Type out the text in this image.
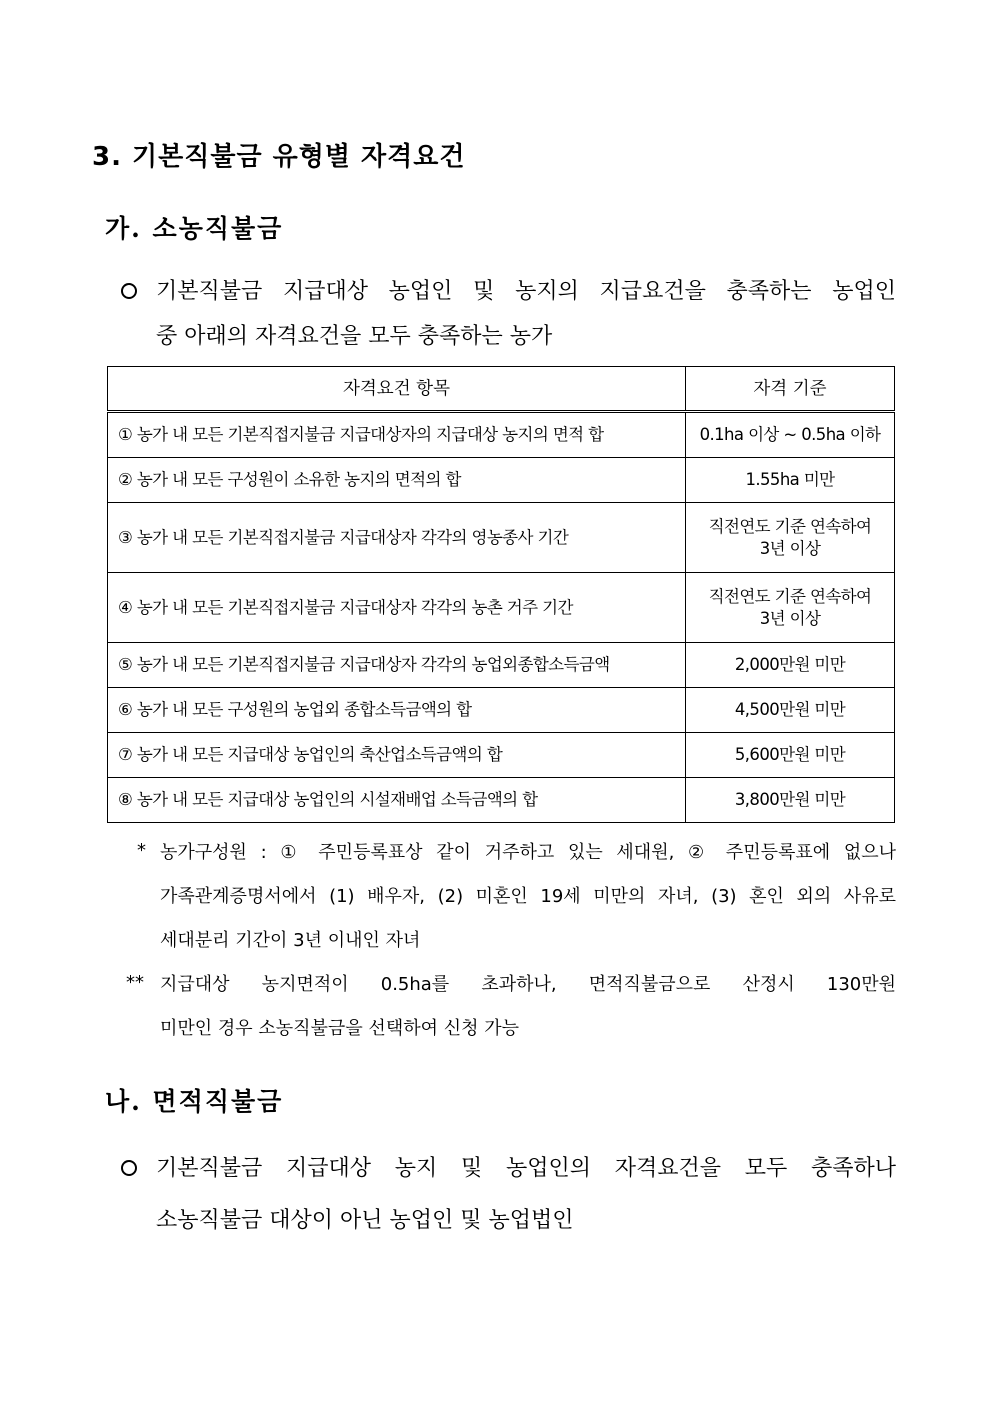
3. 기본직불금 유형별 자격요건
가. 소농직불금
기본직불금 지급대상 농업인 및 농지의 지급요건을 충족하는 농업인
중 아래의 자격요건을 모두 충족하는 농가
자격요건 항목	자격 기준
① 농가 내 모든 기본직접지불금 지급대상자의 지급대상 농지의 면적 합	0.1ha 이상 ~ 0.5ha 이하
② 농가 내 모든 구성원이 소유한 농지의 면적의 합	1.55ha 미만
③ 농가 내 모든 기본직접지불금 지급대상자 각각의 영농종사 기간	직전연도 기준 연속하여
3년 이상
④ 농가 내 모든 기본직접지불금 지급대상자 각각의 농촌 거주 기간	직전연도 기준 연속하여
3년 이상
⑤ 농가 내 모든 기본직접지불금 지급대상자 각각의 농업외종합소득금액	2,000만원 미만
⑥ 농가 내 모든 구성원의 농업외 종합소득금액의 합	4,500만원 미만
⑦ 농가 내 모든 지급대상 농업인의 축산업소득금액의 합	5,600만원 미만
⑧ 농가 내 모든 지급대상 농업인의 시설재배업 소득금액의 합	3,800만원 미만
* 농가구성원 : ① 주민등록표상 같이 거주하고 있는 세대원, ② 주민등록표에 없으나
가족관계증명서에서 (1) 배우자, (2) 미혼인 19세 미만의 자녀, (3) 혼인 외의 사유로
세대분리 기간이 3년 이내인 자녀
** 지급대상 농지면적이 0.5ha를 초과하나, 면적직불금으로 산정시 130만원
미만인 경우 소농직불금을 선택하여 신청 가능
나. 면적직불금
기본직불금 지급대상 농지 및 농업인의 자격요건을 모두 충족하나
소농직불금 대상이 아닌 농업인 및 농업법인
